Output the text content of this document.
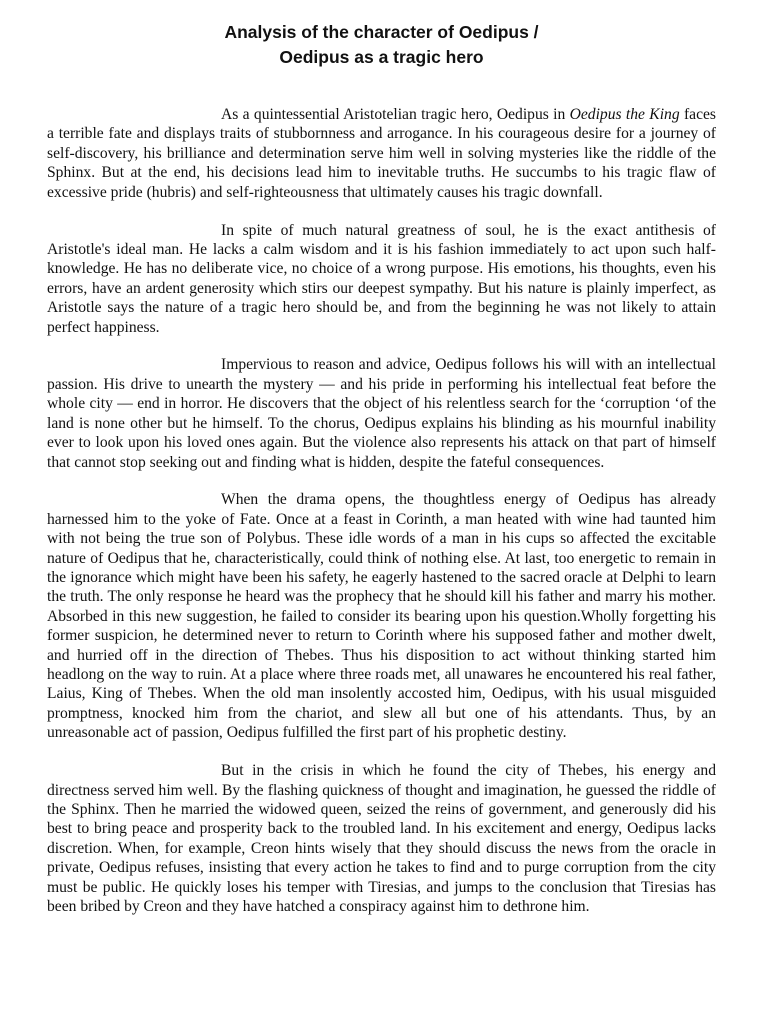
Analysis of the character of Oedipus /
Oedipus as a tragic hero

As a quintessential Aristotelian tragic hero, Oedipus in Oedipus the King faces a terrible fate and displays traits of stubbornness and arrogance. In his courageous desire for a journey of self-discovery, his brilliance and determination serve him well in solving mysteries like the riddle of the Sphinx. But at the end, his decisions lead him to inevitable truths. He succumbs to his tragic flaw of excessive pride (hubris) and self-righteousness that ultimately causes his tragic downfall.

In spite of much natural greatness of soul, he is the exact antithesis of Aristotle's ideal man. He lacks a calm wisdom and it is his fashion immediately to act upon such half-knowledge. He has no deliberate vice, no choice of a wrong purpose. His emotions, his thoughts, even his errors, have an ardent generosity which stirs our deepest sympathy. But his nature is plainly imperfect, as Aristotle says the nature of a tragic hero should be, and from the beginning he was not likely to attain perfect happiness.

Impervious to reason and advice, Oedipus follows his will with an intellectual passion. His drive to unearth the mystery — and his pride in performing his intellectual feat before the whole city — end in horror. He discovers that the object of his relentless search for the ‘corruption ‘of the land is none other but he himself. To the chorus, Oedipus explains his blinding as his mournful inability ever to look upon his loved ones again. But the violence also represents his attack on that part of himself that cannot stop seeking out and finding what is hidden, despite the fateful consequences.

When the drama opens, the thoughtless energy of Oedipus has already harnessed him to the yoke of Fate. Once at a feast in Corinth, a man heated with wine had taunted him with not being the true son of Polybus. These idle words of a man in his cups so affected the excitable nature of Oedipus that he, characteristically, could think of nothing else. At last, too energetic to remain in the ignorance which might have been his safety, he eagerly hastened to the sacred oracle at Delphi to learn the truth. The only response he heard was the prophecy that he should kill his father and marry his mother. Absorbed in this new suggestion, he failed to consider its bearing upon his question.Wholly forgetting his former suspicion, he determined never to return to Corinth where his supposed father and mother dwelt, and hurried off in the direction of Thebes. Thus his disposition to act without thinking started him headlong on the way to ruin. At a place where three roads met, all unawares he encountered his real father, Laius, King of Thebes. When the old man insolently accosted him, Oedipus, with his usual misguided promptness, knocked him from the chariot, and slew all but one of his attendants. Thus, by an unreasonable act of passion, Oedipus fulfilled the first part of his prophetic destiny.

But in the crisis in which he found the city of Thebes, his energy and directness served him well. By the flashing quickness of thought and imagination, he guessed the riddle of the Sphinx. Then he married the widowed queen, seized the reins of government, and generously did his best to bring peace and prosperity back to the troubled land. In his excitement and energy, Oedipus lacks discretion. When, for example, Creon hints wisely that they should discuss the news from the oracle in private, Oedipus refuses, insisting that every action he takes to find and to purge corruption from the city must be public. He quickly loses his temper with Tiresias, and jumps to the conclusion that Tiresias has been bribed by Creon and they have hatched a conspiracy against him to dethrone him.
